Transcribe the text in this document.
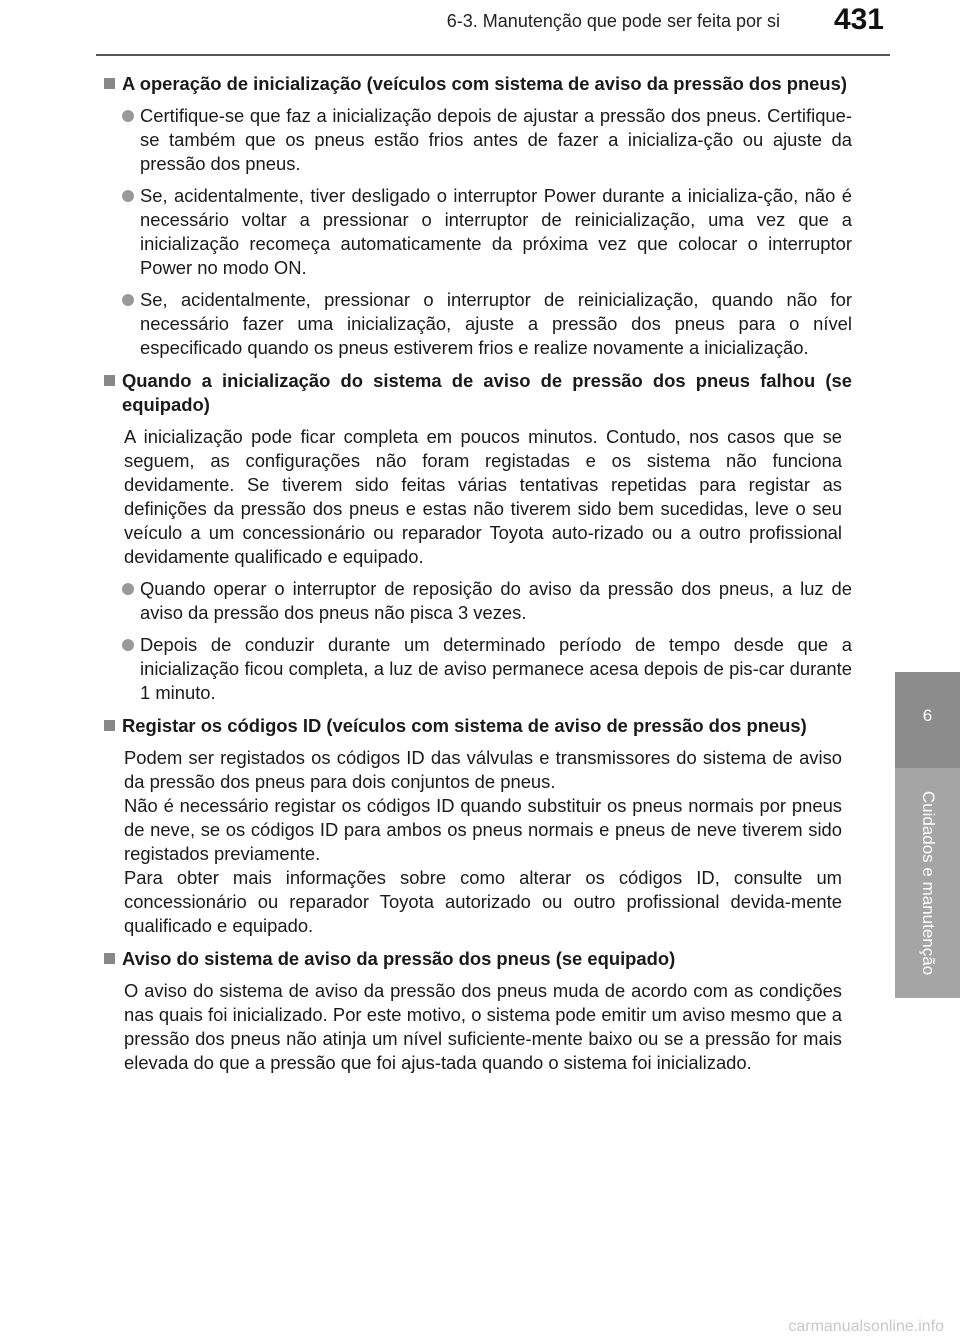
6-3. Manutenção que pode ser feita por si 431
6
Cuidados e manutenção
A operação de inicialização (veículos com sistema de aviso da pressão dos pneus)
Certifique-se que faz a inicialização depois de ajustar a pressão dos pneus. Certifique-se também que os pneus estão frios antes de fazer a inicializa-ção ou ajuste da pressão dos pneus.
Se, acidentalmente, tiver desligado o interruptor Power durante a inicializa-ção, não é necessário voltar a pressionar o interruptor de reinicialização, uma vez que a inicialização recomeça automaticamente da próxima vez que colocar o interruptor Power no modo ON.
Se, acidentalmente, pressionar o interruptor de reinicialização, quando não for necessário fazer uma inicialização, ajuste a pressão dos pneus para o nível especificado quando os pneus estiverem frios e realize novamente a inicialização.
Quando a inicialização do sistema de aviso de pressão dos pneus falhou (se equipado)
A inicialização pode ficar completa em poucos minutos. Contudo, nos casos que se seguem, as configurações não foram registadas e os sistema não funciona devidamente. Se tiverem sido feitas várias tentativas repetidas para registar as definições da pressão dos pneus e estas não tiverem sido bem sucedidas, leve o seu veículo a um concessionário ou reparador Toyota auto-rizado ou a outro profissional devidamente qualificado e equipado.
Quando operar o interruptor de reposição do aviso da pressão dos pneus, a luz de aviso da pressão dos pneus não pisca 3 vezes.
Depois de conduzir durante um determinado período de tempo desde que a inicialização ficou completa, a luz de aviso permanece acesa depois de pis-car durante 1 minuto.
Registar os códigos ID (veículos com sistema de aviso de pressão dos pneus)
Podem ser registados os códigos ID das válvulas e transmissores do sistema de aviso da pressão dos pneus para dois conjuntos de pneus.
Não é necessário registar os códigos ID quando substituir os pneus normais por pneus de neve, se os códigos ID para ambos os pneus normais e pneus de neve tiverem sido registados previamente.
Para obter mais informações sobre como alterar os códigos ID, consulte um concessionário ou reparador Toyota autorizado ou outro profissional devida-mente qualificado e equipado.
Aviso do sistema de aviso da pressão dos pneus (se equipado)
O aviso do sistema de aviso da pressão dos pneus muda de acordo com as condições nas quais foi inicializado. Por este motivo, o sistema pode emitir um aviso mesmo que a pressão dos pneus não atinja um nível suficiente-mente baixo ou se a pressão for mais elevada do que a pressão que foi ajus-tada quando o sistema foi inicializado.
carmanualsonline.info
